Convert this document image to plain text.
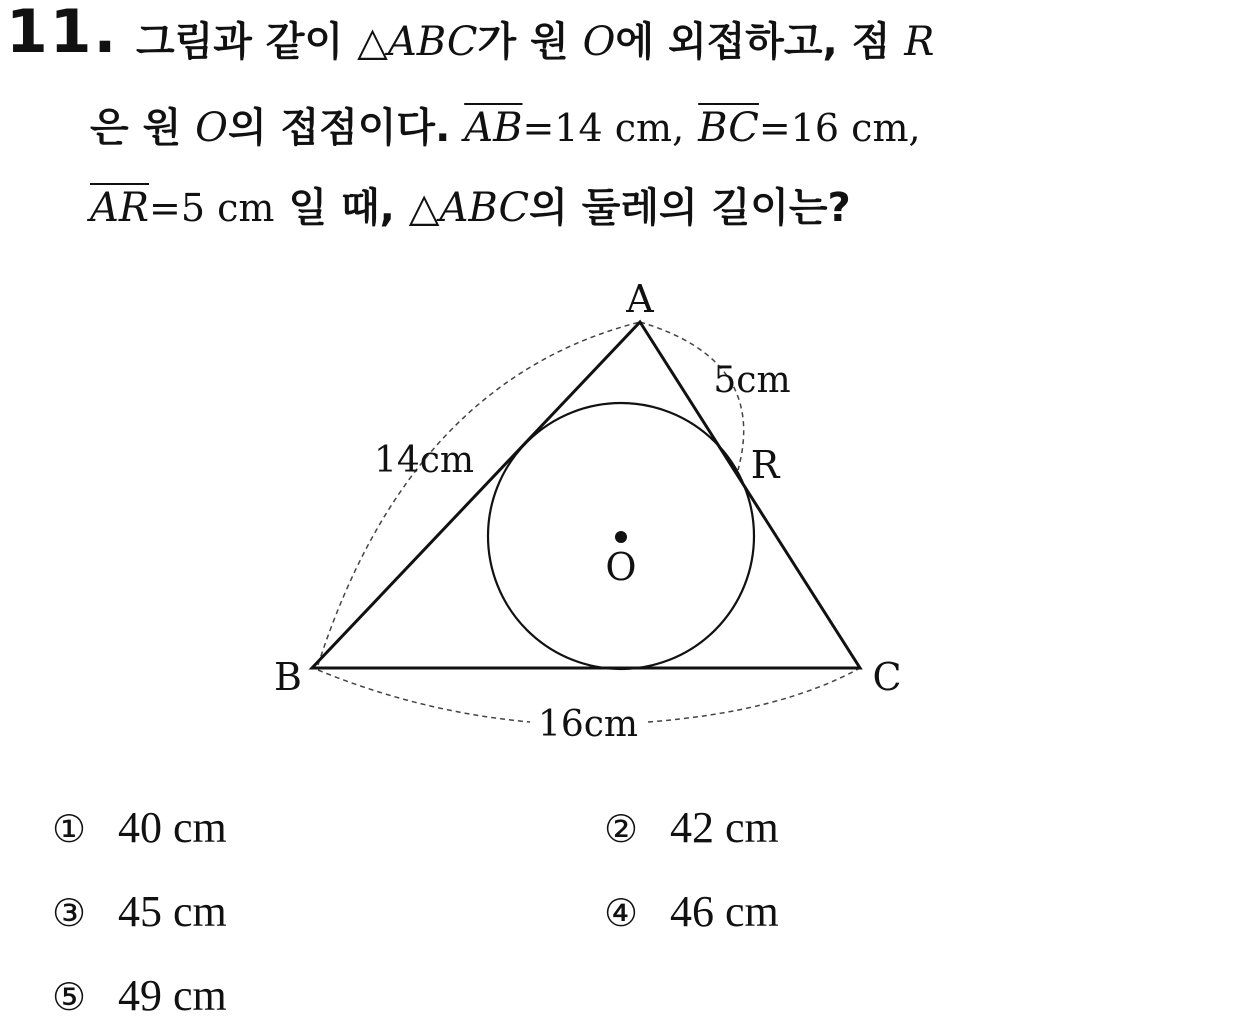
11. 그림과 같이 △ABC가 원 O에 외접하고, 점 R
은 원 O의 접점이다. $\overline{AB}=14$ cm, $\overline{BC}=16$ cm,
$\overline{AR}=5$ cm 일 때, △ABC의 둘레의 길이는?
A
B	C
R
O
14cm
5cm
16cm
① 40 cm	② 42 cm
③ 45 cm	④ 46 cm
⑤ 49 cm
